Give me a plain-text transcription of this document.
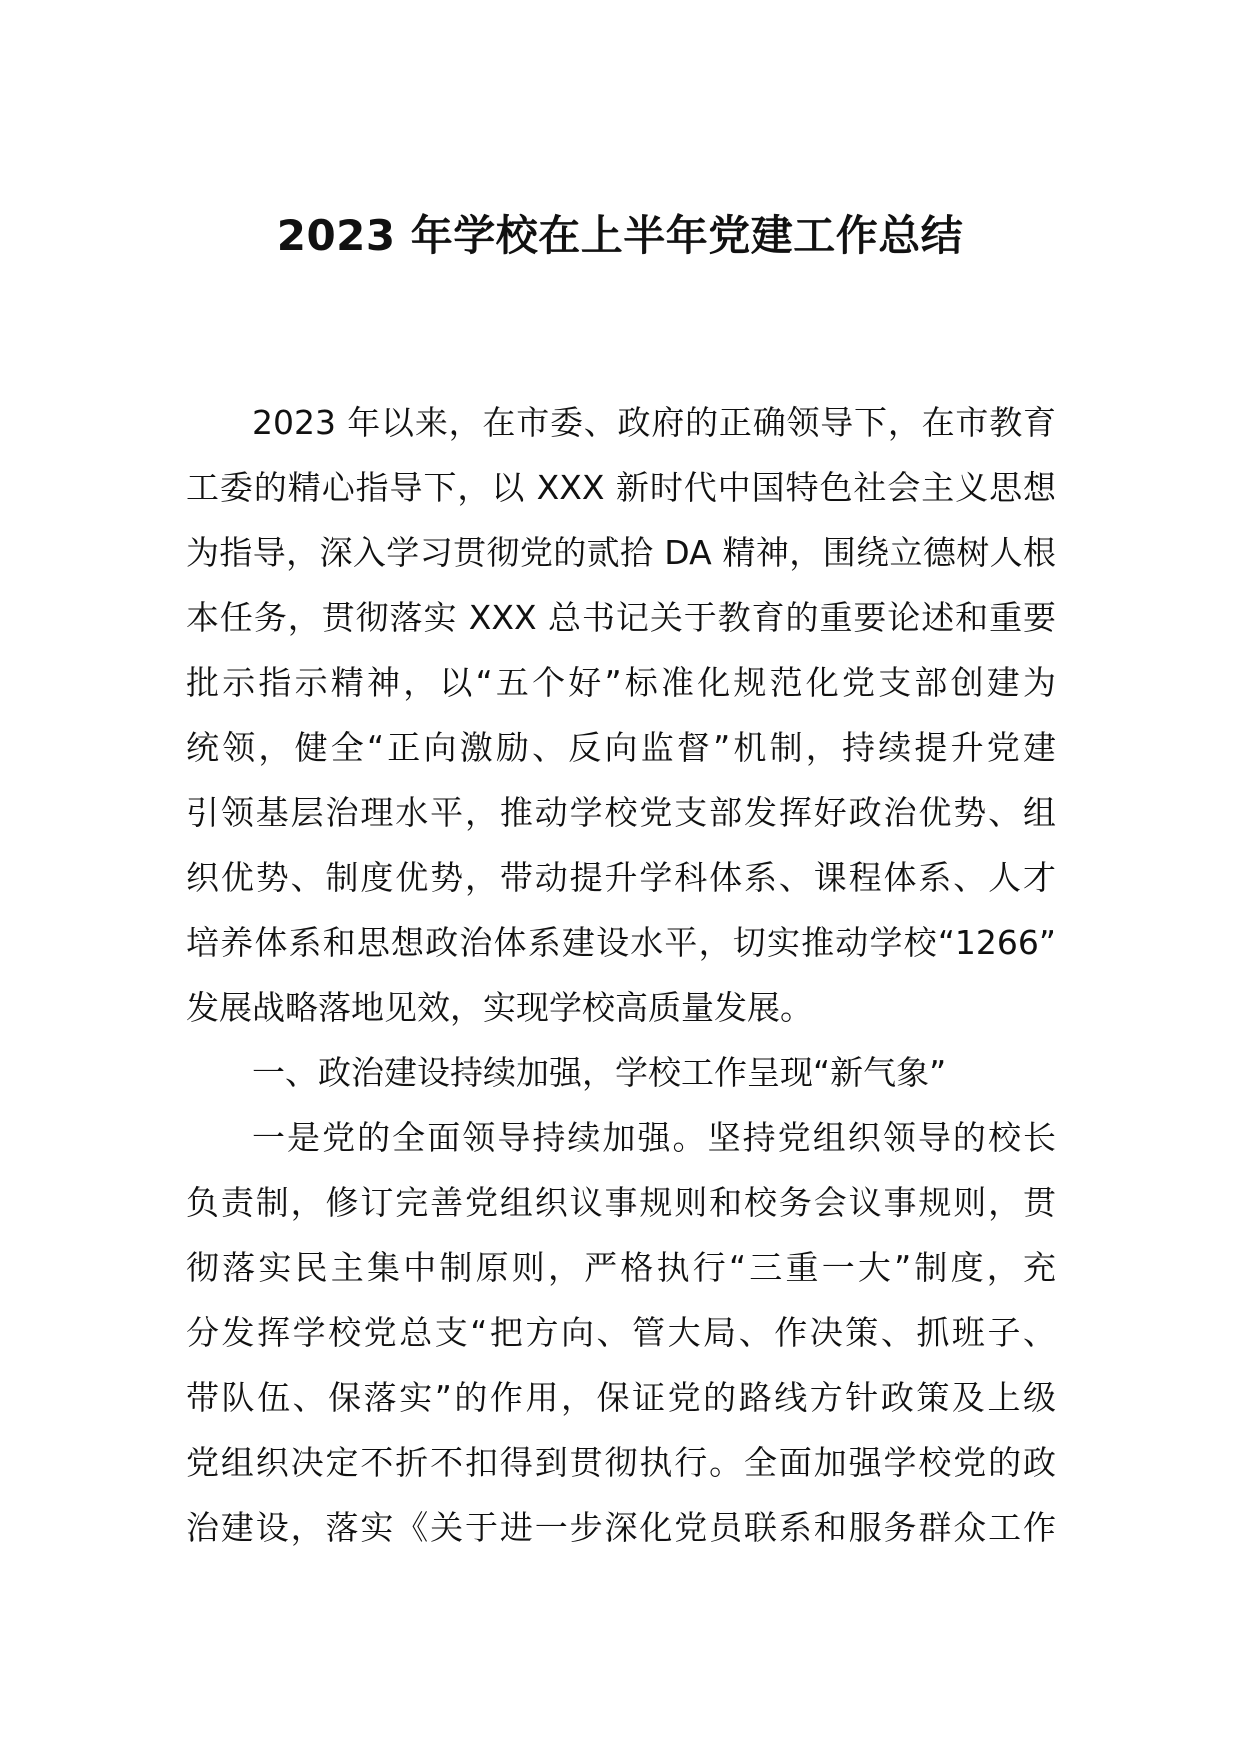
2023 年学校在上半年党建工作总结
2023 年以来，在市委、政府的正确领导下，在市教育
工委的精心指导下，以 XXX 新时代中国特色社会主义思想
为指导，深入学习贯彻党的贰拾 DA 精神，围绕立德树人根
本任务，贯彻落实 XXX 总书记关于教育的重要论述和重要
批示指示精神，以“五个好”标准化规范化党支部创建为
统领，健全“正向激励、反向监督”机制，持续提升党建
引领基层治理水平，推动学校党支部发挥好政治优势、组
织优势、制度优势，带动提升学科体系、课程体系、人才
培养体系和思想政治体系建设水平，切实推动学校“1266”
发展战略落地见效，实现学校高质量发展。
一、政治建设持续加强，学校工作呈现“新气象”
一是党的全面领导持续加强。坚持党组织领导的校长
负责制，修订完善党组织议事规则和校务会议事规则，贯
彻落实民主集中制原则，严格执行“三重一大”制度，充
分发挥学校党总支“把方向、管大局、作决策、抓班子、
带队伍、保落实”的作用，保证党的路线方针政策及上级
党组织决定不折不扣得到贯彻执行。全面加强学校党的政
治建设，落实《关于进一步深化党员联系和服务群众工作
